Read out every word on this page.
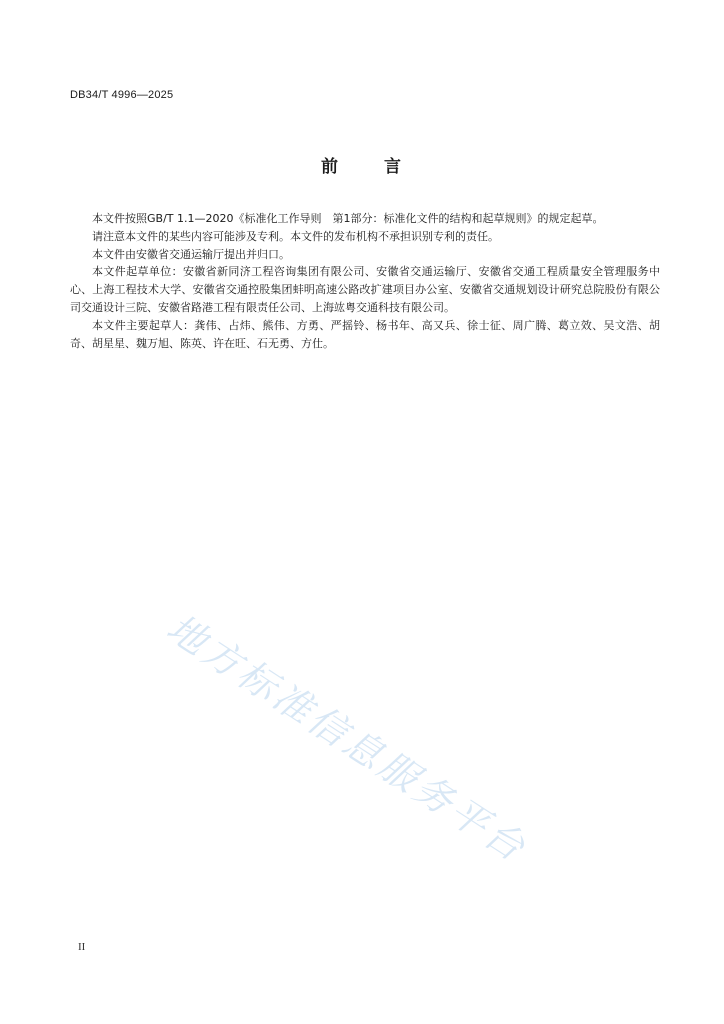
DB34/T 4996—2025
前	言

本文件按照GB/T 1.1—2020《标准化工作导则　第1部分：标准化文件的结构和起草规则》的规定起草。

请注意本文件的某些内容可能涉及专利。本文件的发布机构不承担识别专利的责任。

本文件由安徽省交通运输厅提出并归口。

本文件起草单位：安徽省新同济工程咨询集团有限公司、安徽省交通运输厅、安徽省交通工程质量安全管理服务中心、上海工程技术大学、安徽省交通控股集团蚌明高速公路改扩建项目办公室、安徽省交通规划设计研究总院股份有限公司交通设计三院、安徽省路港工程有限责任公司、上海竑粤交通科技有限公司。

本文件主要起草人：龚伟、占炜、熊伟、方勇、严摇铃、杨书年、高又兵、徐士征、周广腾、葛立效、吴文浩、胡奇、胡星星、魏万旭、陈英、许在旺、石无勇、方仕。

地方标准信息服务平台
II
